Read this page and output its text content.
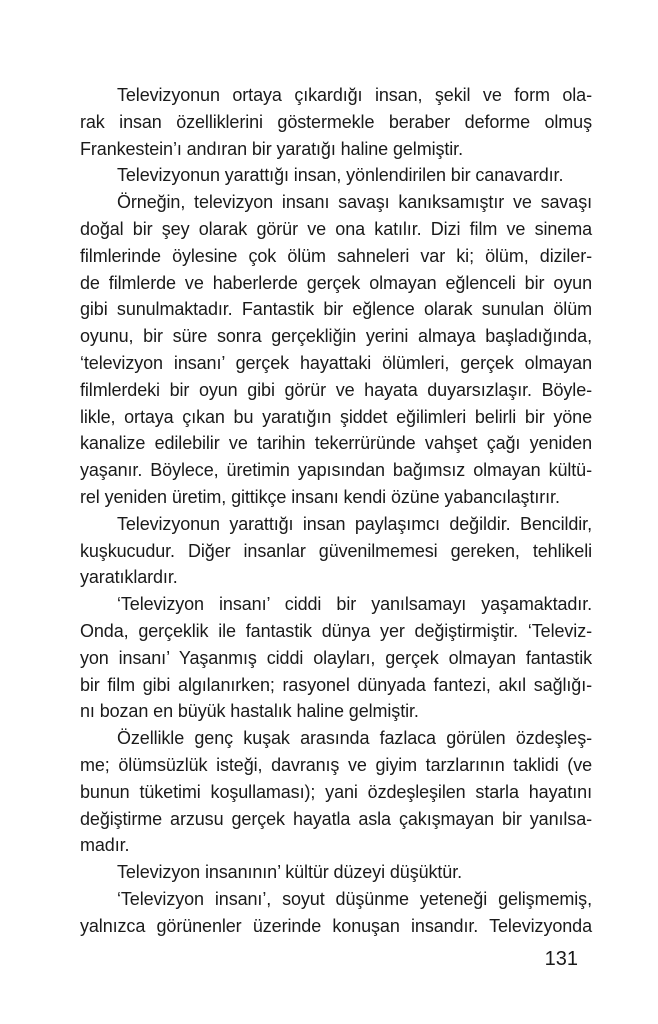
Televizyonun ortaya çıkardığı insan, şekil ve form ola-
rak insan özelliklerini göstermekle beraber deforme olmuş
Frankestein’ı andıran bir yaratığı haline gelmiştir.
Televizyonun yarattığı insan, yönlendirilen bir canavardır.
Örneğin, televizyon insanı savaşı kanıksamıştır ve savaşı
doğal bir şey olarak görür ve ona katılır. Dizi film ve sinema
filmlerinde öylesine çok ölüm sahneleri var ki; ölüm, diziler-
de filmlerde ve haberlerde gerçek olmayan eğlenceli bir oyun
gibi sunulmaktadır. Fantastik bir eğlence olarak sunulan ölüm
oyunu, bir süre sonra gerçekliğin yerini almaya başladığında,
‘televizyon insanı’ gerçek hayattaki ölümleri, gerçek olmayan
filmlerdeki bir oyun gibi görür ve hayata duyarsızlaşır. Böyle-
likle, ortaya çıkan bu yaratığın şiddet eğilimleri belirli bir yöne
kanalize edilebilir ve tarihin tekerrüründe vahşet çağı yeniden
yaşanır. Böylece, üretimin yapısından bağımsız olmayan kültü-
rel yeniden üretim, gittikçe insanı kendi özüne yabancılaştırır.
Televizyonun yarattığı insan paylaşımcı değildir. Bencildir,
kuşkucudur. Diğer insanlar güvenilmemesi gereken, tehlikeli
yaratıklardır.
‘Televizyon insanı’ ciddi bir yanılsamayı yaşamaktadır.
Onda, gerçeklik ile fantastik dünya yer değiştirmiştir. ‘Televiz-
yon insanı’ Yaşanmış ciddi olayları, gerçek olmayan fantastik
bir film gibi algılanırken; rasyonel dünyada fantezi, akıl sağlığı-
nı bozan en büyük hastalık haline gelmiştir.
Özellikle genç kuşak arasında fazlaca görülen özdeşleş-
me; ölümsüzlük isteği, davranış ve giyim tarzlarının taklidi (ve
bunun tüketimi koşullaması); yani özdeşleşilen starla hayatını
değiştirme arzusu gerçek hayatla asla çakışmayan bir yanılsa-
madır.
Televizyon insanının’ kültür düzeyi düşüktür.
‘Televizyon insanı’, soyut düşünme yeteneği gelişmemiş,
yalnızca görünenler üzerinde konuşan insandır. Televizyonda
131
